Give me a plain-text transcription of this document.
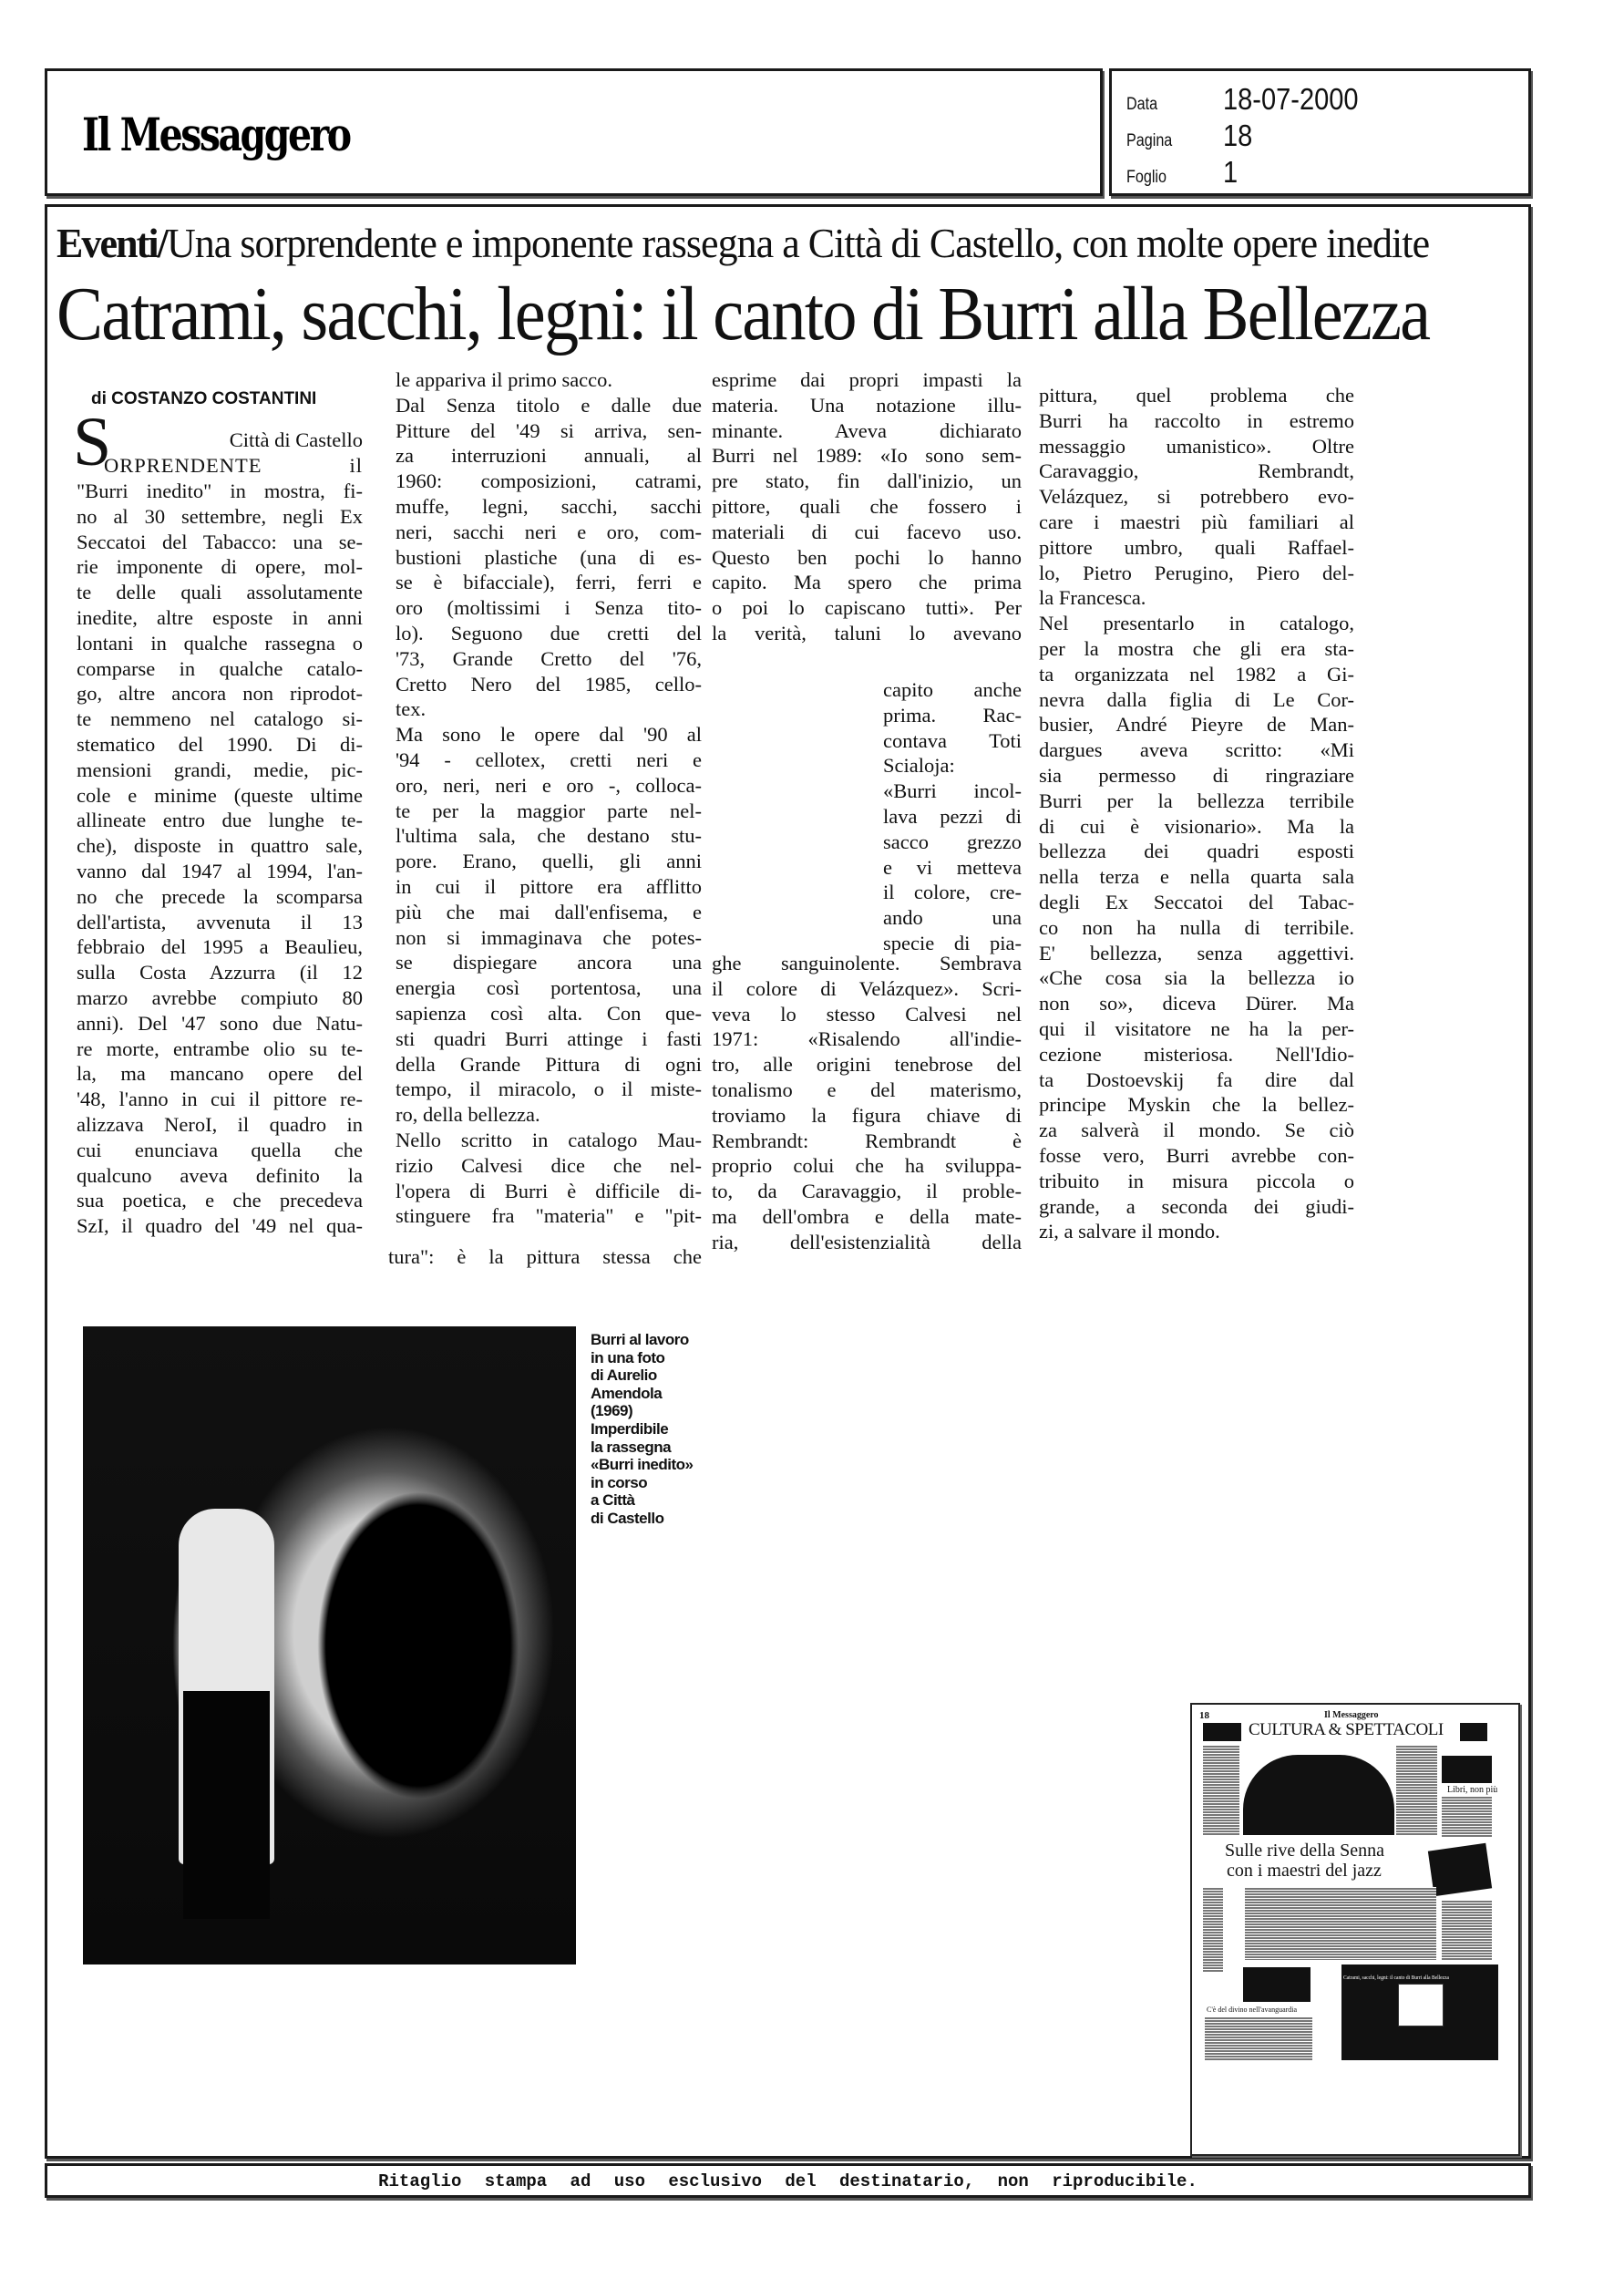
Il Messaggero
Data	18-07-2000
Pagina	18
Foglio	1
Eventi/Una sorprendente e imponente rassegna a Città di Castello, con molte opere inedite
Catrami, sacchi, legni: il canto di Burri alla Bellezza
di COSTANZO COSTANTINI
S	Città di Castello
ORPRENDENTE il
"Burri inedito" in mostra, fi-
no al 30 settembre, negli Ex
Seccatoi del Tabacco: una se-
rie imponente di opere, mol-
te delle quali assolutamente
inedite, altre esposte in anni
lontani in qualche rassegna o
comparse in qualche catalo-
go, altre ancora non riprodot-
te nemmeno nel catalogo si-
stematico del 1990. Di di-
mensioni grandi, medie, pic-
cole e minime (queste ultime
allineate entro due lunghe te-
che), disposte in quattro sale,
vanno dal 1947 al 1994, l'an-
no che precede la scomparsa
dell'artista, avvenuta il 13
febbraio del 1995 a Beaulieu,
sulla Costa Azzurra (il 12
marzo avrebbe compiuto 80
anni). Del '47 sono due Natu-
re morte, entrambe olio su te-
la, ma mancano opere del
'48, l'anno in cui il pittore re-
alizzava NeroI, il quadro in
cui enunciava quella che
qualcuno aveva definito la
sua poetica, e che precedeva
SzI, il quadro del '49 nel qua-
le appariva il primo sacco.
Dal Senza titolo e dalle due
Pitture del '49 si arriva, sen-
za interruzioni annuali, al
1960: composizioni, catrami,
muffe, legni, sacchi, sacchi
neri, sacchi neri e oro, com-
bustioni plastiche (una di es-
se è bifacciale), ferri, ferri e
oro (moltissimi i Senza tito-
lo). Seguono due cretti del
'73, Grande Cretto del '76,
Cretto Nero del 1985, cello-
tex.
Ma sono le opere dal '90 al
'94 - cellotex, cretti neri e
oro, neri, neri e oro -, colloca-
te per la maggior parte nel-
l'ultima sala, che destano stu-
pore. Erano, quelli, gli anni
in cui il pittore era afflitto
più che mai dall'enfisema, e
non si immaginava che potes-
se dispiegare ancora una
energia così portentosa, una
sapienza così alta. Con que-
sti quadri Burri attinge i fasti
della Grande Pittura di ogni
tempo, il miracolo, o il miste-
ro, della bellezza.
Nello scritto in catalogo Mau-
rizio Calvesi dice che nel-
l'opera di Burri è difficile di-
stinguere fra "materia" e "pit-
tura": è la pittura stessa che
esprime dai propri impasti la
materia. Una notazione illu-
minante. Aveva dichiarato
Burri nel 1989: «Io sono sem-
pre stato, fin dall'inizio, un
pittore, quali che fossero i
materiali di cui facevo uso.
Questo ben pochi lo hanno
capito. Ma spero che prima
o poi lo capiscano tutti». Per
la verità, taluni lo avevano
capito anche
prima. Rac-
contava Toti
Scialoja:
«Burri incol-
lava pezzi di
sacco grezzo
e vi metteva
il colore, cre-
ando una
specie di pia-
ghe sanguinolente. Sembrava
il colore di Velázquez». Scri-
veva lo stesso Calvesi nel
1971: «Risalendo all'indie-
tro, alle origini tenebrose del
tonalismo e del materismo,
troviamo la figura chiave di
Rembrandt: Rembrandt è
proprio colui che ha sviluppa-
to, da Caravaggio, il proble-
ma dell'ombra e della mate-
ria, dell'esistenzialità della
pittura, quel problema che
Burri ha raccolto in estremo
messaggio umanistico». Oltre
Caravaggio, Rembrandt,
Velázquez, si potrebbero evo-
care i maestri più familiari al
pittore umbro, quali Raffael-
lo, Pietro Perugino, Piero del-
la Francesca.
Nel presentarlo in catalogo,
per la mostra che gli era sta-
ta organizzata nel 1982 a Gi-
nevra dalla figlia di Le Cor-
busier, André Pieyre de Man-
dargues aveva scritto: «Mi
sia permesso di ringraziare
Burri per la bellezza terribile
di cui è visionario». Ma la
bellezza dei quadri esposti
nella terza e nella quarta sala
degli Ex Seccatoi del Tabac-
co non ha nulla di terribile.
E' bellezza, senza aggettivi.
«Che cosa sia la bellezza io
non so», diceva Dürer. Ma
qui il visitatore ne ha la per-
cezione misteriosa. Nell'Idio-
ta Dostoevskij fa dire dal
principe Myskin che la bellez-
za salverà il mondo. Se ciò
fosse vero, Burri avrebbe con-
tribuito in misura piccola o
grande, a seconda dei giudi-
zi, a salvare il mondo.
Burri al lavoro
in una foto
di Aurelio
Amendola
(1969)
Imperdibile
la rassegna
«Burri inedito»
in corso
a Città
di Castello
18	Il Messaggero
CULTURA & SPETTACOLI
Libri, non più
Sulle rive della Senna
con i maestri del jazz
C'è del divino nell'avanguardia
Catrami, sacchi, legni: il canto di Burri alla Bellezza
Ritaglio stampa ad uso esclusivo del destinatario, non riproducibile.
